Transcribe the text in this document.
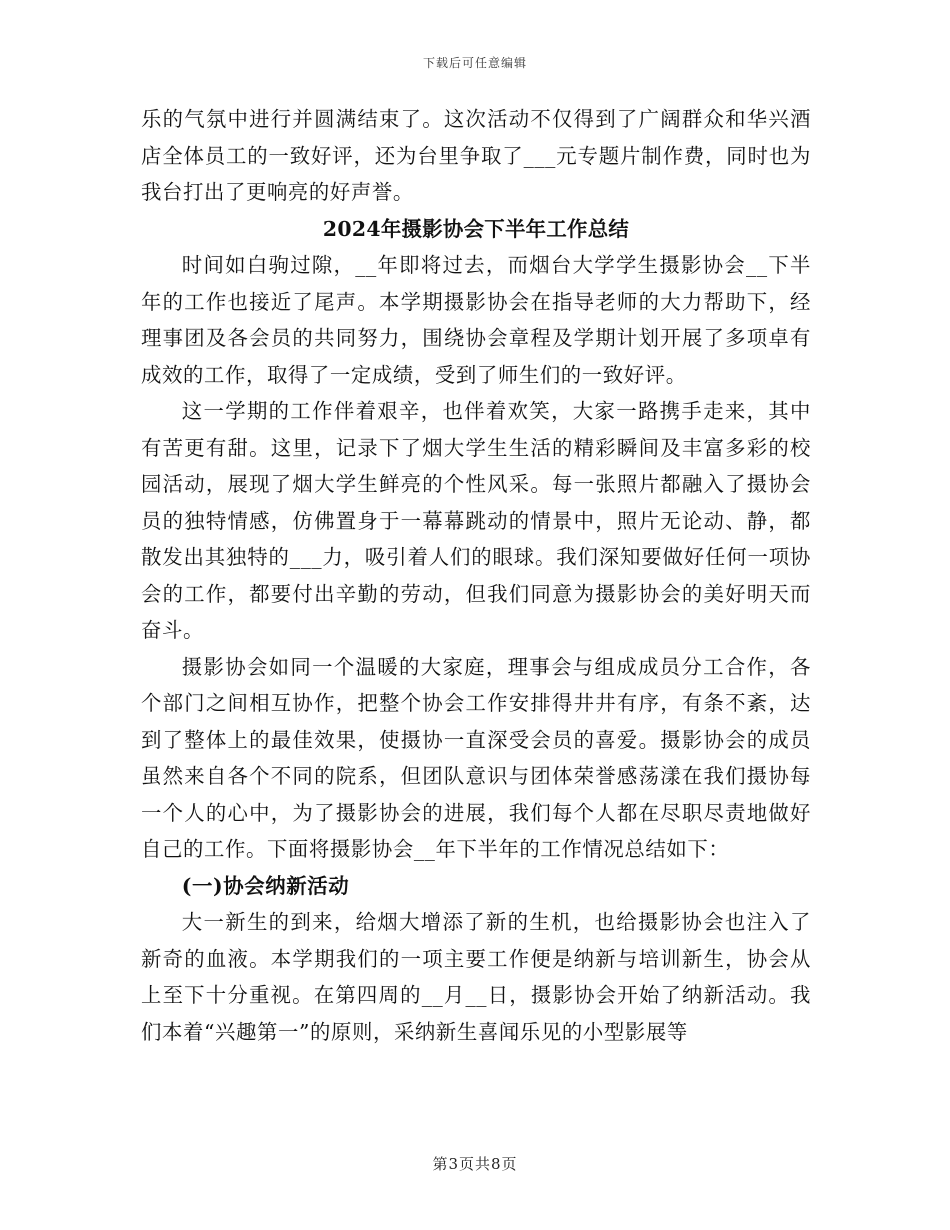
下载后可任意编辑

乐的气氛中进行并圆满结束了。这次活动不仅得到了广阔群众和华兴酒店全体员工的一致好评，还为台里争取了___元专题片制作费，同时也为我台打出了更响亮的好声誉。

2024年摄影协会下半年工作总结

时间如白驹过隙，__年即将过去，而烟台大学学生摄影协会__下半年的工作也接近了尾声。本学期摄影协会在指导老师的大力帮助下，经理事团及各会员的共同努力，围绕协会章程及学期计划开展了多项卓有成效的工作，取得了一定成绩，受到了师生们的一致好评。

这一学期的工作伴着艰辛，也伴着欢笑，大家一路携手走来，其中有苦更有甜。这里，记录下了烟大学生生活的精彩瞬间及丰富多彩的校园活动，展现了烟大学生鲜亮的个性风采。每一张照片都融入了摄协会员的独特情感，仿佛置身于一幕幕跳动的情景中，照片无论动、静，都散发出其独特的___力，吸引着人们的眼球。我们深知要做好任何一项协会的工作，都要付出辛勤的劳动，但我们同意为摄影协会的美好明天而奋斗。

摄影协会如同一个温暖的大家庭，理事会与组成成员分工合作，各个部门之间相互协作，把整个协会工作安排得井井有序，有条不紊，达到了整体上的最佳效果，使摄协一直深受会员的喜爱。摄影协会的成员虽然来自各个不同的院系，但团队意识与团体荣誉感荡漾在我们摄协每一个人的心中，为了摄影协会的进展，我们每个人都在尽职尽责地做好自己的工作。下面将摄影协会__年下半年的工作情况总结如下：

(一)协会纳新活动

大一新生的到来，给烟大增添了新的生机，也给摄影协会也注入了新奇的血液。本学期我们的一项主要工作便是纳新与培训新生，协会从上至下十分重视。在第四周的__月__日，摄影协会开始了纳新活动。我们本着“兴趣第一”的原则，采纳新生喜闻乐见的小型影展等

第3页共8页
